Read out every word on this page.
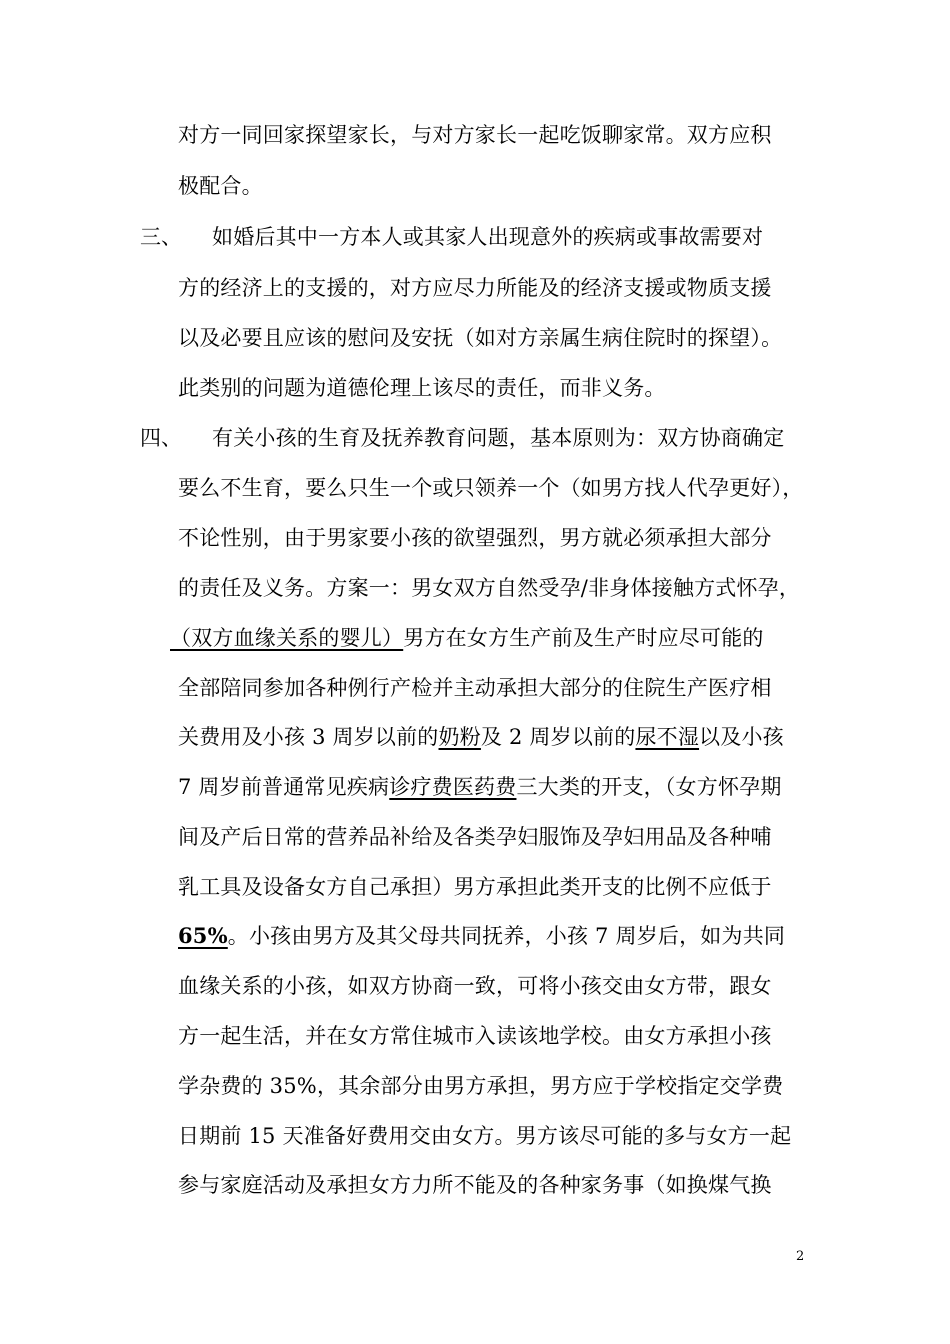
对方一同回家探望家长，与对方家长一起吃饭聊家常。双方应积
极配合。
三、 如婚后其中一方本人或其家人出现意外的疾病或事故需要对
方的经济上的支援的，对方应尽力所能及的经济支援或物质支援
以及必要且应该的慰问及安抚（如对方亲属生病住院时的探望）。
此类别的问题为道德伦理上该尽的责任，而非义务。
四、 有关小孩的生育及抚养教育问题，基本原则为：双方协商确定
要么不生育，要么只生一个或只领养一个（如男方找人代孕更好），
不论性别，由于男家要小孩的欲望强烈，男方就必须承担大部分
的责任及义务。方案一：男女双方自然受孕/非身体接触方式怀孕，
（双方血缘关系的婴儿）男方在女方生产前及生产时应尽可能的
全部陪同参加各种例行产检并主动承担大部分的住院生产医疗相
关费用及小孩 3 周岁以前的奶粉及 2 周岁以前的尿不湿以及小孩
7 周岁前普通常见疾病诊疗费医药费三大类的开支，（女方怀孕期
间及产后日常的营养品补给及各类孕妇服饰及孕妇用品及各种哺
乳工具及设备女方自己承担）男方承担此类开支的比例不应低于
65%。小孩由男方及其父母共同抚养，小孩 7 周岁后，如为共同
血缘关系的小孩，如双方协商一致，可将小孩交由女方带，跟女
方一起生活，并在女方常住城市入读该地学校。由女方承担小孩
学杂费的 35%，其余部分由男方承担，男方应于学校指定交学费
日期前 15 天准备好费用交由女方。男方该尽可能的多与女方一起
参与家庭活动及承担女方力所不能及的各种家务事（如换煤气换
2
